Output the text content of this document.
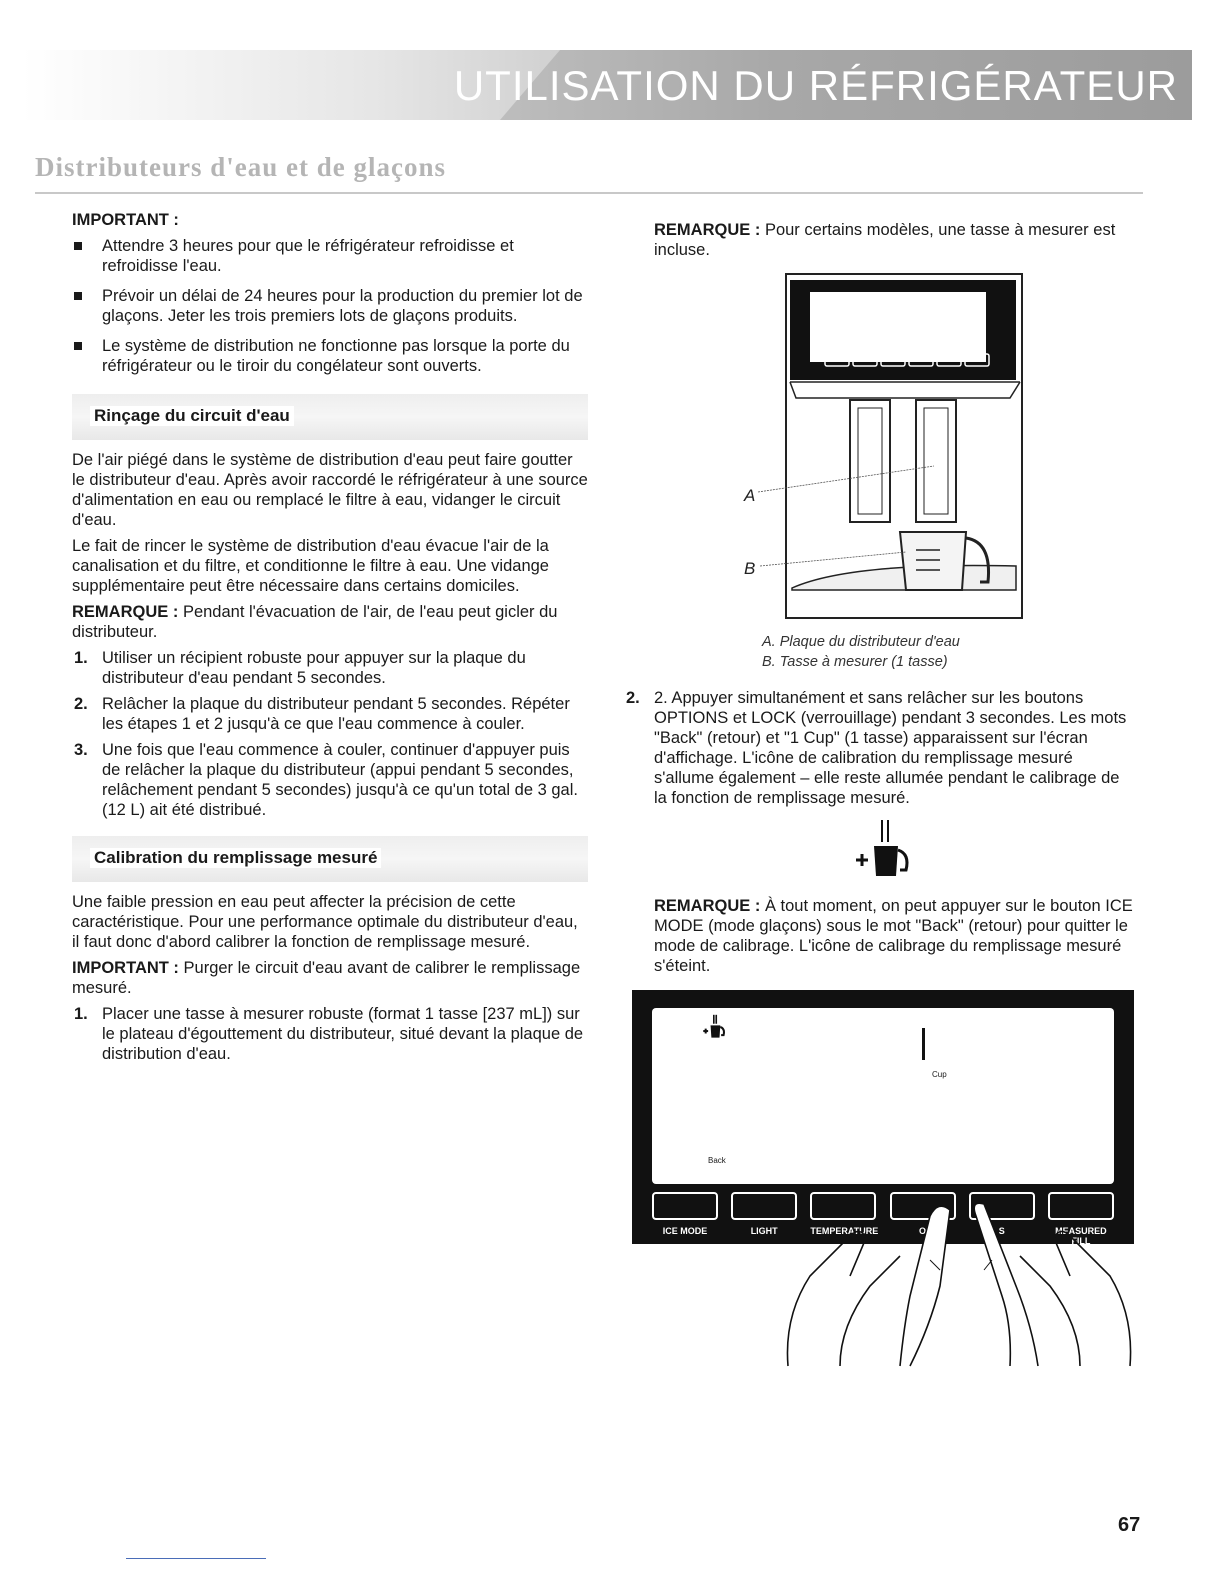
UTILISATION DU RÉFRIGÉRATEUR
Distributeurs d'eau et de glaçons

IMPORTANT :

Attendre 3 heures pour que le réfrigérateur refroidisse et refroidisse l'eau.
Prévoir un délai de 24 heures pour la production du premier lot de glaçons. Jeter les trois premiers lots de glaçons produits.
Le système de distribution ne fonctionne pas lorsque la porte du réfrigérateur ou le tiroir du congélateur sont ouverts.
Rinçage du circuit d'eau

De l'air piégé dans le système de distribution d'eau peut faire goutter le distributeur d'eau. Après avoir raccordé le réfrigérateur à une source d'alimentation en eau ou remplacé le filtre à eau, vidanger le circuit d'eau.

Le fait de rincer le système de distribution d'eau évacue l'air de la canalisation et du filtre, et conditionne le filtre à eau. Une vidange supplémentaire peut être nécessaire dans certains domiciles.

REMARQUE : Pendant l'évacuation de l'air, de l'eau peut gicler du distributeur.

1. Utiliser un récipient robuste pour appuyer sur la plaque du distributeur d'eau pendant 5 secondes.
2. Relâcher la plaque du distributeur pendant 5 secondes. Répéter les étapes 1 et 2 jusqu'à ce que l'eau commence à couler.
3. Une fois que l'eau commence à couler, continuer d'appuyer puis de relâcher la plaque du distributeur (appui pendant 5 secondes, relâchement pendant 5 secondes) jusqu'à ce qu'un total de 3 gal. (12 L) ait été distribué.
Calibration du remplissage mesuré

Une faible pression en eau peut affecter la précision de cette caractéristique. Pour une performance optimale du distributeur d'eau, il faut donc d'abord calibrer la fonction de remplissage mesuré.

IMPORTANT : Purger le circuit d'eau avant de calibrer le remplissage mesuré.

1. Placer une tasse à mesurer robuste (format 1 tasse [237 mL]) sur le plateau d'égouttement du distributeur, situé devant la plaque de distribution d'eau.

REMARQUE : Pour certains modèles, une tasse à mesurer est incluse.

A
B
A. Plaque du distributeur d'eau
B. Tasse à mesurer (1 tasse)
2. 2. Appuyer simultanément et sans relâcher sur les boutons OPTIONS et LOCK (verrouillage) pendant 3 secondes. Les mots "Back" (retour) et "1 Cup" (1 tasse) apparaissent sur l'écran d'affichage. L'icône de calibration du remplissage mesuré s'allume également – elle reste allumée pendant le calibrage de la fonction de remplissage mesuré.

REMARQUE : À tout moment, on peut appuyer sur le bouton ICE MODE (mode glaçons) sous le mot "Back" (retour) pour quitter le mode de calibrage. L'icône de calibrage du remplissage mesuré s'éteint.

Cup
Back
ICE MODE	LIGHT	TEMPERATURE	O	S	MEASURED FILL
67
